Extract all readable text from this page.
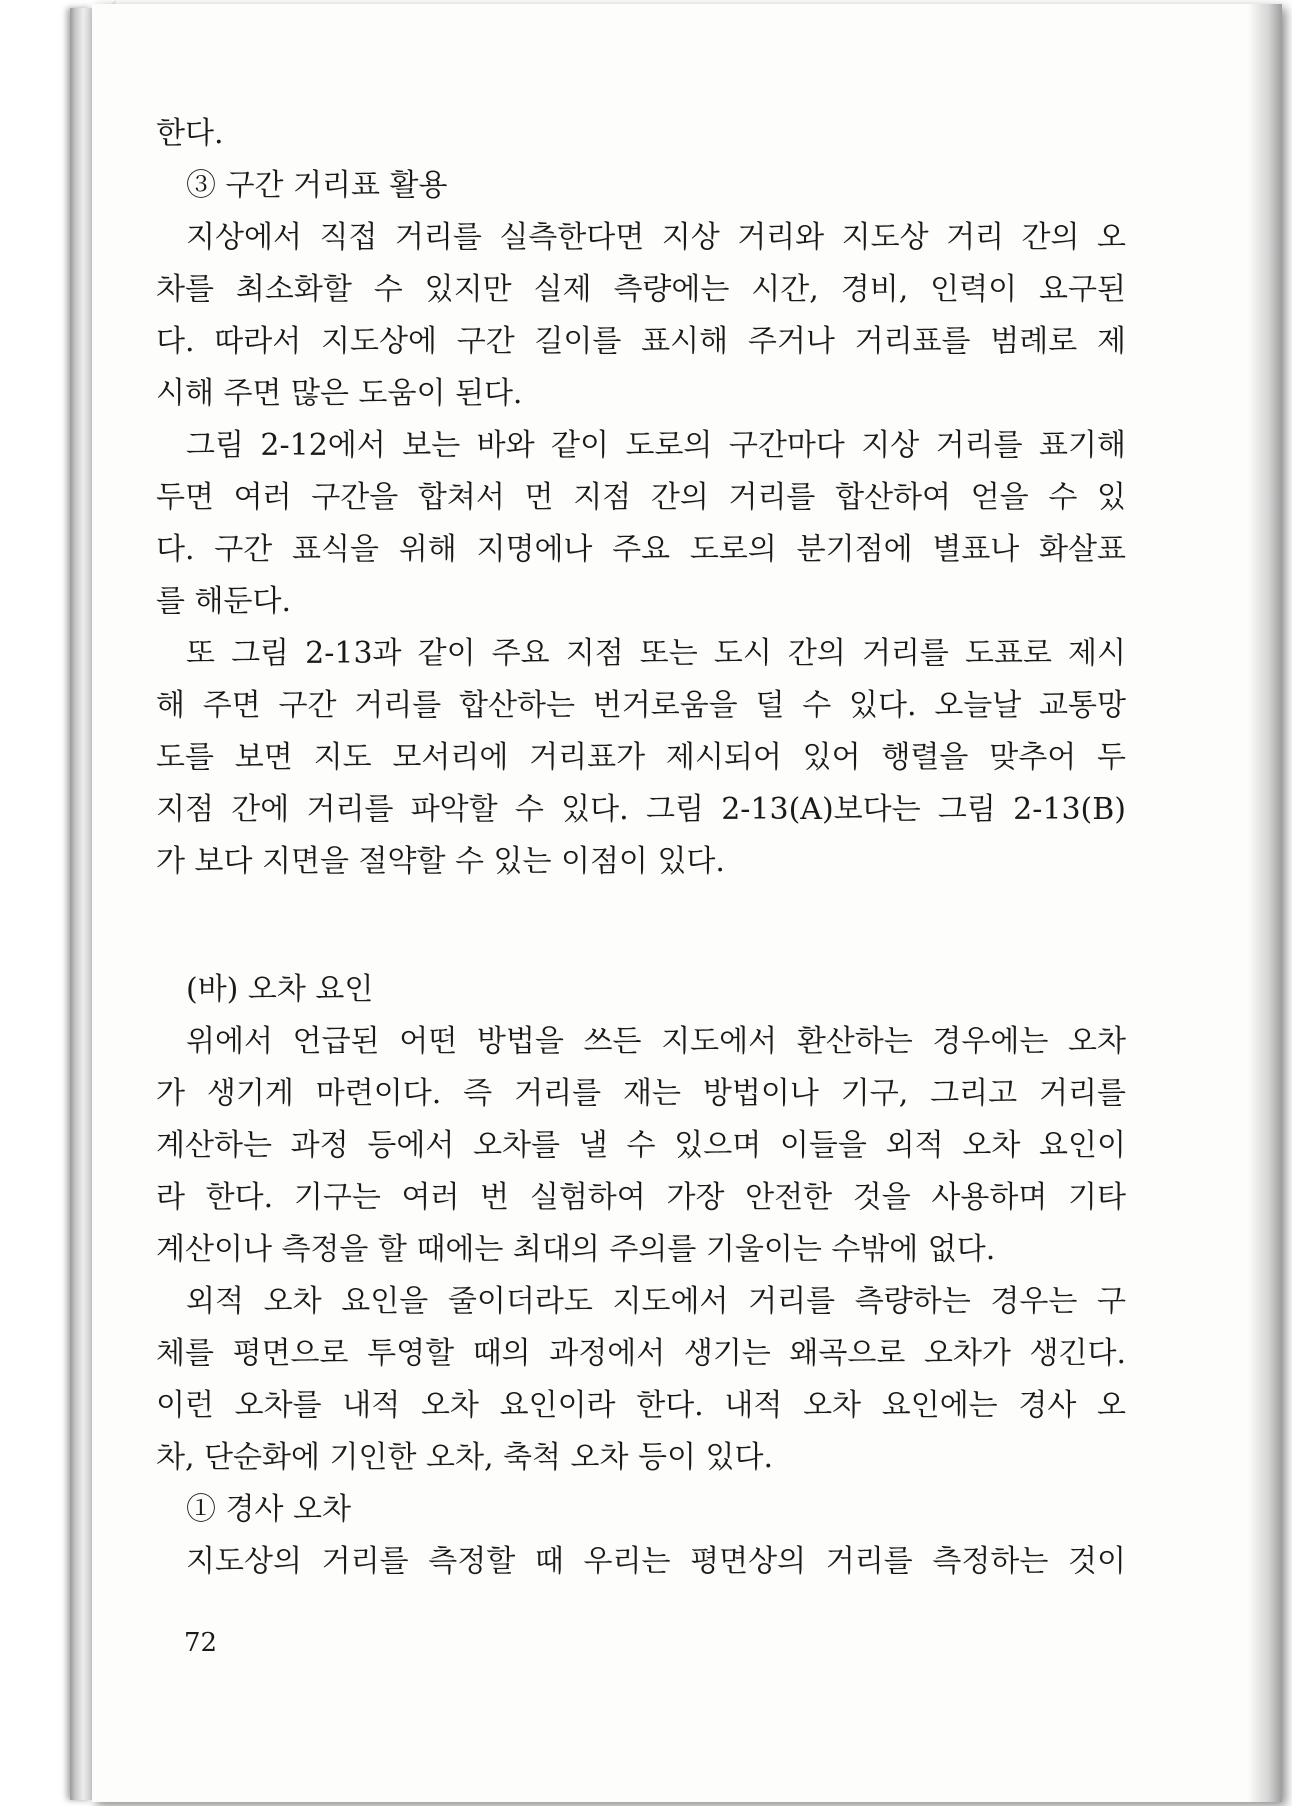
한다.
③ 구간 거리표 활용
지상에서 직접 거리를 실측한다면 지상 거리와 지도상 거리 간의 오
차를 최소화할 수 있지만 실제 측량에는 시간, 경비, 인력이 요구된
다. 따라서 지도상에 구간 길이를 표시해 주거나 거리표를 범례로 제
시해 주면 많은 도움이 된다.
그림 2-12에서 보는 바와 같이 도로의 구간마다 지상 거리를 표기해
두면 여러 구간을 합쳐서 먼 지점 간의 거리를 합산하여 얻을 수 있
다. 구간 표식을 위해 지명에나 주요 도로의 분기점에 별표나 화살표
를 해둔다.
또 그림 2-13과 같이 주요 지점 또는 도시 간의 거리를 도표로 제시
해 주면 구간 거리를 합산하는 번거로움을 덜 수 있다. 오늘날 교통망
도를 보면 지도 모서리에 거리표가 제시되어 있어 행렬을 맞추어 두
지점 간에 거리를 파악할 수 있다. 그림 2-13(A)보다는 그림 2-13(B)
가 보다 지면을 절약할 수 있는 이점이 있다.
(바) 오차 요인
위에서 언급된 어떤 방법을 쓰든 지도에서 환산하는 경우에는 오차
가 생기게 마련이다. 즉 거리를 재는 방법이나 기구, 그리고 거리를
계산하는 과정 등에서 오차를 낼 수 있으며 이들을 외적 오차 요인이
라 한다. 기구는 여러 번 실험하여 가장 안전한 것을 사용하며 기타
계산이나 측정을 할 때에는 최대의 주의를 기울이는 수밖에 없다.
외적 오차 요인을 줄이더라도 지도에서 거리를 측량하는 경우는 구
체를 평면으로 투영할 때의 과정에서 생기는 왜곡으로 오차가 생긴다.
이런 오차를 내적 오차 요인이라 한다. 내적 오차 요인에는 경사 오
차, 단순화에 기인한 오차, 축척 오차 등이 있다.
① 경사 오차
지도상의 거리를 측정할 때 우리는 평면상의 거리를 측정하는 것이
72
